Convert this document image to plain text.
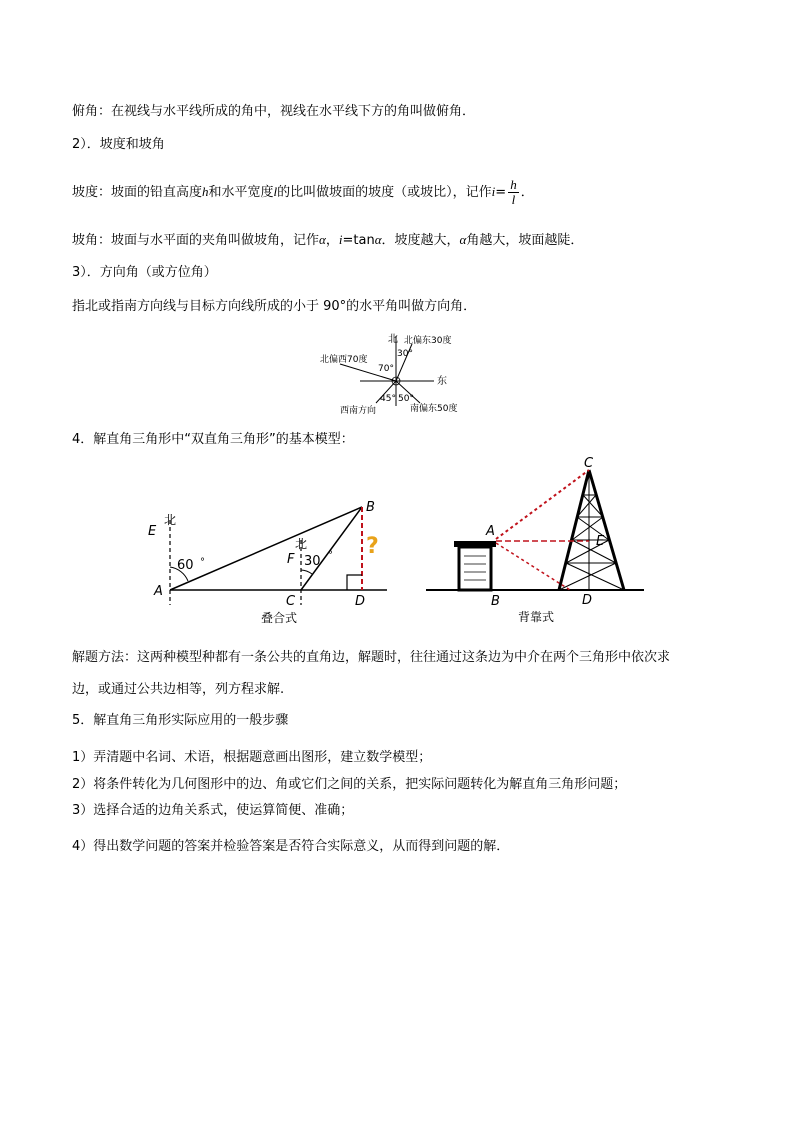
俯角：在视线与水平线所成的角中，视线在水平线下方的角叫做俯角．
2）．坡度和坡角
坡度：坡面的铅直高度h和水平宽度l的比叫做坡面的坡度（或坡比），记作$i= \frac{h}{l}$ ．
坡角：坡面与水平面的夹角叫做坡角，记作α，i=tanα．坡度越大，α角越大，坡面越陡．
3）．方向角（或方位角）
指北或指南方向线与目标方向线所成的小于 90°的水平角叫做方向角．
北
东
北偏东30度
北偏西70度
西南方向	南偏东50度
30°
70°
45° 50°
4．解直角三角形中“双直角三角形”的基本模型：
B
E
北
北
60 °	F 30 ° ?
A
C	D
叠合式
C
A
E
B	D
背靠式
解题方法：这两种模型种都有一条公共的直角边，解题时，往往通过这条边为中介在两个三角形中依次求
边，或通过公共边相等，列方程求解.
5．解直角三角形实际应用的一般步骤
1）弄清题中名词、术语，根据题意画出图形，建立数学模型；
2）将条件转化为几何图形中的边、角或它们之间的关系，把实际问题转化为解直角三角形问题；
3）选择合适的边角关系式，使运算简便、准确；
4）得出数学问题的答案并检验答案是否符合实际意义，从而得到问题的解．
